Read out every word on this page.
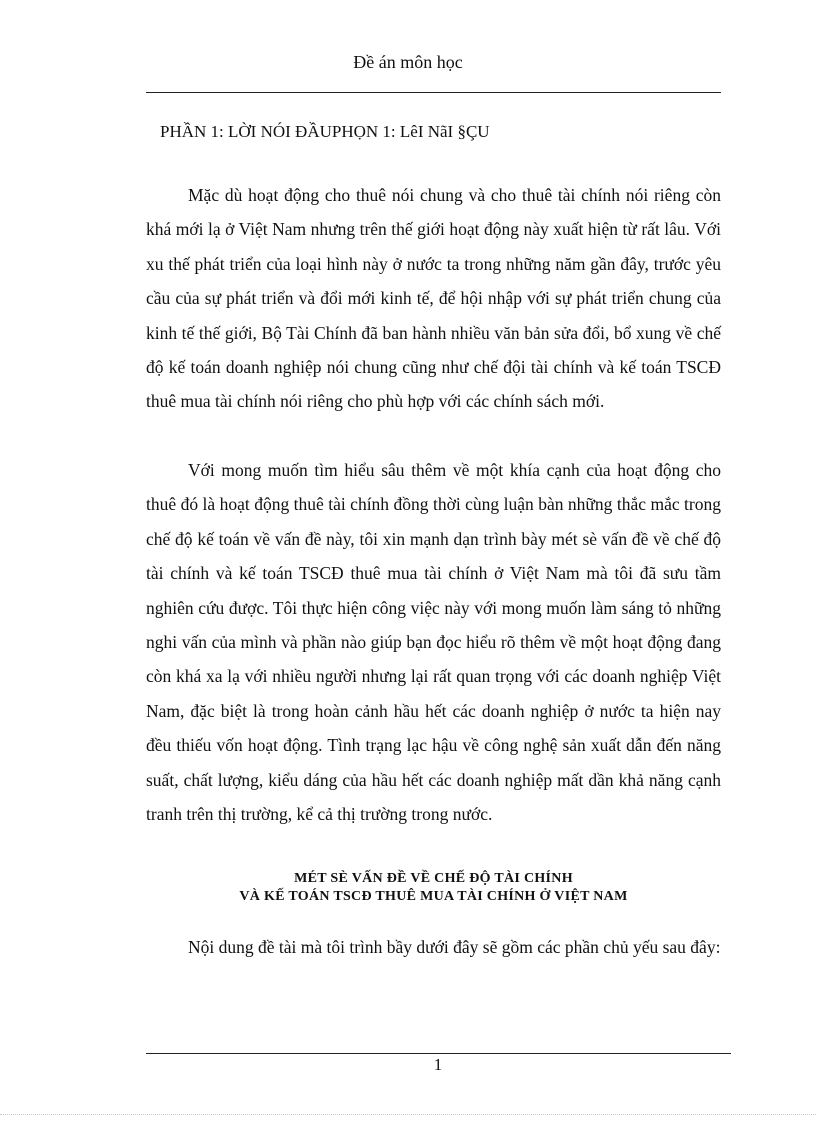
Đề án môn học
PHẦN 1: LỜI NÓI ĐẦUPHỌN 1: LêI NãI §ÇU

Mặc dù hoạt động cho thuê nói chung và cho thuê tài chính nói riêng còn khá mới lạ ở Việt Nam nhưng trên thế giới hoạt động này xuất hiện từ rất lâu. Với xu thế phát triển của loại hình này ở nước ta trong những năm gần đây, trước yêu cầu của sự phát triển và đổi mới kinh tế, để hội nhập với sự phát triển chung của kinh tế thế giới, Bộ Tài Chính đã ban hành nhiều văn bản sửa đổi, bổ xung về chế độ kế toán doanh nghiệp nói chung cũng như chế đội tài chính và kế toán TSCĐ thuê mua tài chính nói riêng cho phù hợp với các chính sách mới.

Với mong muốn tìm hiểu sâu thêm về một khía cạnh của hoạt động cho thuê đó là hoạt động thuê tài chính đồng thời cùng luận bàn những thắc mắc trong chế độ kế toán về vấn đề này, tôi xin mạnh dạn trình bày mét sè vấn đề về chế độ tài chính và kế toán TSCĐ thuê mua tài chính ở Việt Nam mà tôi đã sưu tầm nghiên cứu được. Tôi thực hiện công việc này với mong muốn làm sáng tỏ những nghi vấn của mình và phần nào giúp bạn đọc hiểu rõ thêm về một hoạt động đang còn khá xa lạ với nhiều người nhưng lại rất quan trọng với các doanh nghiệp Việt Nam, đặc biệt là trong hoàn cảnh hầu hết các doanh nghiệp ở nước ta hiện nay đều thiếu vốn hoạt động. Tình trạng lạc hậu về công nghệ sản xuất dẫn đến năng suất, chất lượng, kiểu dáng của hầu hết các doanh nghiệp mất dần khả năng cạnh tranh trên thị trường, kể cả thị trường trong nước.

MÉT SÈ VẤN ĐỀ VỀ CHẾ ĐỘ TÀI CHÍNH
VÀ KẾ TOÁN TSCĐ THUÊ MUA TÀI CHÍNH Ở VIỆT NAM

Nội dung đề tài mà tôi trình bầy dưới đây sẽ gồm các phần chủ yếu sau đây:

1
